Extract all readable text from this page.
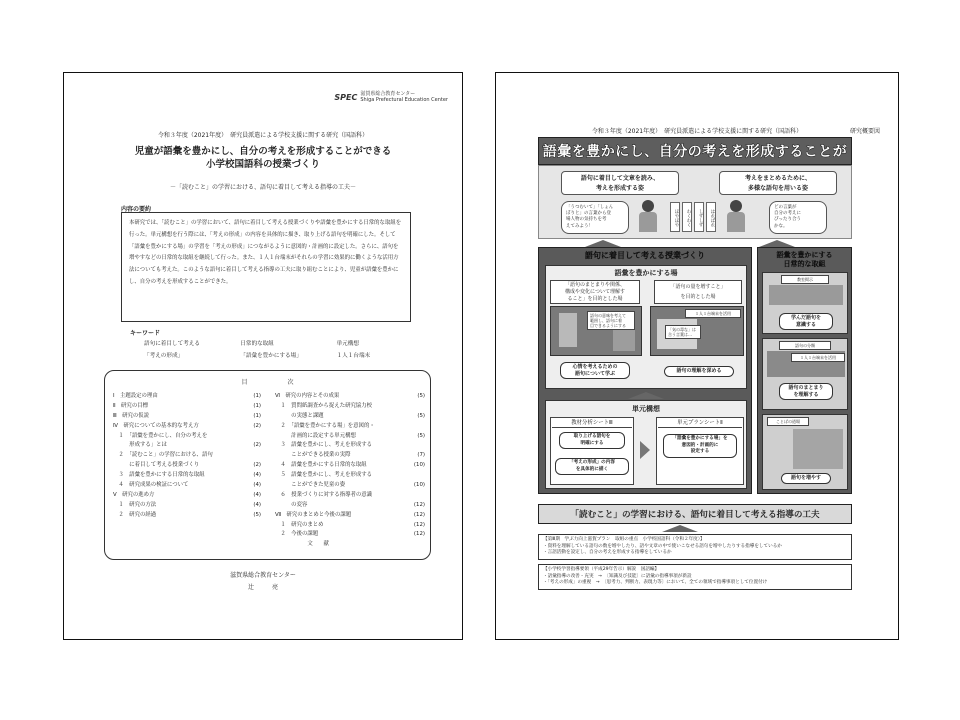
SPEC 滋賀県総合教育センター
Shiga Prefectural Education Center
令和３年度（2021年度）　研究員派遣による学校支援に関する研究（国語科）
児童が語彙を豊かにし、自分の考えを形成することができる
小学校国語科の授業づくり
－「読むこと」の学習における、語句に着目して考える指導の工夫－
内容の要約
本研究では、「読むこと」の学習において、語句に着目して考える授業づくりや語彙を豊かにする日常的な取組を行った。単元構想を行う際には、「考えの形成」の内容を具体的に描き、取り上げる語句を明確にした。そして「語彙を豊かにする場」の学習を「考えの形成」につながるように意図的・計画的に設定した。さらに、語句を増やすなどの日常的な取組を継続して行った。また、１人１台端末がそれらの学習に効果的に働くような活用方法についても考えた。このような語句に着目して考える指導の工夫に取り組むことにより、児童が語彙を豊かにし、自分の考えを形成することができた。
キーワード
語句に着目して考える	日常的な取組	単元構想
「考えの形成」	「語彙を豊かにする場」	１人１台端末
目次
Ⅰ　主題設定の理由	(1)
Ⅱ　研究の目標	(1)
Ⅲ　研究の仮説	(1)
Ⅳ　研究についての基本的な考え方	(2)
　１　「語彙を豊かにし、自分の考えを
　　　形成する」とは	(2)
　２　「読むこと」の学習における、語句
　　　に着目して考える授業づくり	(2)
　３　語彙を豊かにする日常的な取組	(4)
　４　研究成果の検証について	(4)
Ⅴ　研究の進め方	(4)
　１　研究の方法	(4)
　２　研究の経過	(5)
Ⅵ　研究の内容とその成果	(5)
　１　質問紙調査から捉えた研究協力校
　　　の実態と課題	(5)
　２　「語彙を豊かにする場」を意図的・
　　　計画的に設定する単元構想	(5)
　３　語彙を豊かにし、考えを形成する
　　　ことができる授業の実際	(7)
　４　語彙を豊かにする日常的な取組	(10)
　５　語彙を豊かにし、考えを形成する
　　　ことができた児童の姿	(10)
　６　授業づくりに対する指導者の意識
　　　の変容	(12)
Ⅶ　研究のまとめと今後の課題	(12)
　１　研究のまとめ	(12)
　２　今後の課題	(12)
　　　　　　文　　献
滋賀県総合教育センター
辻　　　亮
令和３年度（2021年度）　研究員派遣による学校支援に関する研究（国語科）	研究概要図
語彙を豊かにし、自分の考えを形成することが
語句に着目して文章を読み、
考えを形成する姿
考えをまとめるために、
多様な語句を用いる姿
「うつむいて」「しょん
ぼりと」の言葉から登
場人物の気持ちを考
えてみよう！	ほやほや	わくわく	しずしず	はればれ
どの言葉が
自分の考えに
ぴったり合う
かな。
語句に着目して考える授業づくり
語彙を豊かにする場
「語句のまとまりや関係、
構成や変化について理解す
ること」を目的とした場
「語句の量を増すこと」
を目的とした場
語句の意味を考えて
範囲し、語句に着
目できるようにする
１人１台端末を活用
「気の毒な」は
合う言葉は…
心情を考えるための
語句について学ぶ	語句の理解を深める
単元構想
教材分析シートⅢ
取り上げる語句を
明確にする
「考えの形成」の内容
を具体的に描く
単元プランシートⅡ
「語彙を豊かにする場」を
意図的・計画的に
設定する
語彙を豊かにする
日常的な取組
教室掲示
学んだ語句を
意識する
語句の分類
１人１台端末を活用
語句のまとまり
を理解する
ことばの道場
語句を増やす
「読むこと」の学習における、語句に着目して考える指導の工夫
【第Ⅲ期　学ぶ力向上滋賀プラン　取組の重点　小学校国語科（令和２年度）】
・資料を理解している語句の数を増やしたり、語や文章の中で使いこなせる語句を増やしたりする指導をしているか
・言語活動を設定し、自分の考えを形成する指導をしているか
【小学校学習指導要領（平成29年告示）解説　国語編】
・語彙指導の改善・充実　→　〔知識及び技能〕に語彙の指導事項が新設
・「考えの形成」の重視　→　〔思考力、判断力、表現力等〕において、全ての領域で指導事項として位置付け
